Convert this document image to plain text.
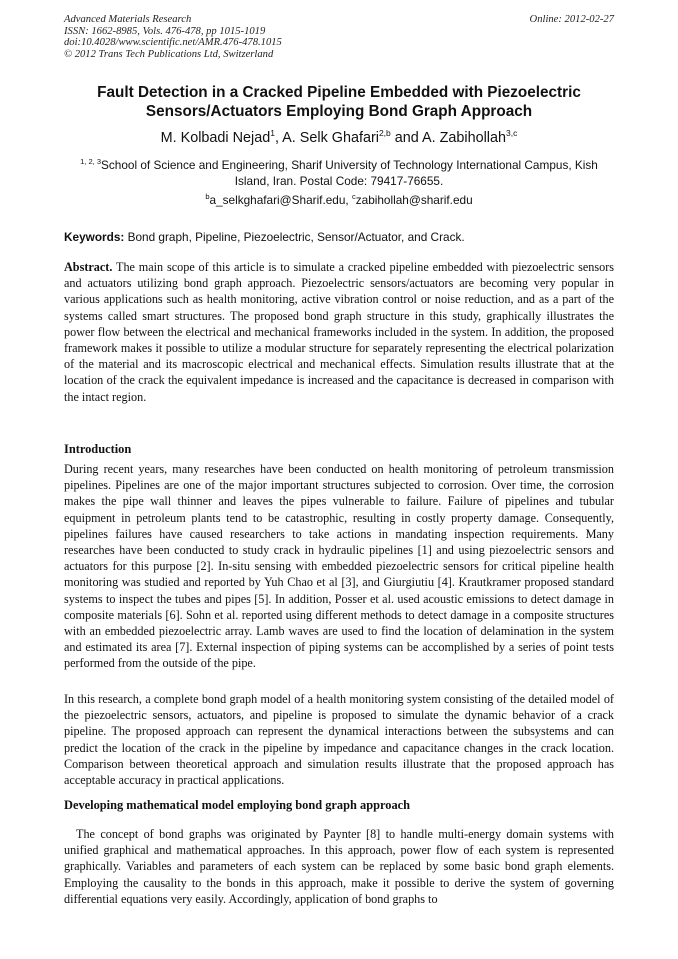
Advanced Materials Research
ISSN: 1662-8985, Vols. 476-478, pp 1015-1019
doi:10.4028/www.scientific.net/AMR.476-478.1015
© 2012 Trans Tech Publications Ltd, Switzerland
Online: 2012-02-27
Fault Detection in a Cracked Pipeline Embedded with Piezoelectric Sensors/Actuators Employing Bond Graph Approach
M. Kolbadi Nejad$^1$, A. Selk Ghafari$^{2,b}$ and A. Zabihollah$^{3,c}$
$^{1, 2, 3}$School of Science and Engineering, Sharif University of Technology International Campus, Kish Island, Iran. Postal Code: 79417-76655.
$^b$a_selkghafari@Sharif.edu, $^c$zabihollah@sharif.edu
Keywords: Bond graph, Pipeline, Piezoelectric, Sensor/Actuator, and Crack.
Abstract. The main scope of this article is to simulate a cracked pipeline embedded with piezoelectric sensors and actuators utilizing bond graph approach. Piezoelectric sensors/actuators are becoming very popular in various applications such as health monitoring, active vibration control or noise reduction, and as a part of the systems called smart structures. The proposed bond graph structure in this study, graphically illustrates the power flow between the electrical and mechanical frameworks included in the system. In addition, the proposed framework makes it possible to utilize a modular structure for separately representing the electrical polarization of the material and its macroscopic electrical and mechanical effects. Simulation results illustrate that at the location of the crack the equivalent impedance is increased and the capacitance is decreased in comparison with the intact region.
Introduction
During recent years, many researches have been conducted on health monitoring of petroleum transmission pipelines. Pipelines are one of the major important structures subjected to corrosion. Over time, the corrosion makes the pipe wall thinner and leaves the pipes vulnerable to failure. Failure of pipelines and tubular equipment in petroleum plants tend to be catastrophic, resulting in costly property damage. Consequently, pipelines failures have caused researchers to take actions in mandating inspection requirements. Many researches have been conducted to study crack in hydraulic pipelines [1] and using piezoelectric sensors and actuators for this purpose [2]. In-situ sensing with embedded piezoelectric sensors for critical pipeline health monitoring was studied and reported by Yuh Chao et al [3], and Giurgiutiu [4]. Krautkramer proposed standard systems to inspect the tubes and pipes [5]. In addition, Posser et al. used acoustic emissions to detect damage in composite materials [6]. Sohn et al. reported using different methods to detect damage in a composite structures with an embedded piezoelectric array. Lamb waves are used to find the location of delamination in the system and estimated its area [7]. External inspection of piping systems can be accomplished by a series of point tests performed from the outside of the pipe.
In this research, a complete bond graph model of a health monitoring system consisting of the detailed model of the piezoelectric sensors, actuators, and pipeline is proposed to simulate the dynamic behavior of a crack pipeline. The proposed approach can represent the dynamical interactions between the subsystems and can predict the location of the crack in the pipeline by impedance and capacitance changes in the crack location. Comparison between theoretical approach and simulation results illustrate that the proposed approach has acceptable accuracy in practical applications.
Developing mathematical model employing bond graph approach
The concept of bond graphs was originated by Paynter [8] to handle multi-energy domain systems with unified graphical and mathematical approaches. In this approach, power flow of each system is represented graphically. Variables and parameters of each system can be replaced by some basic bond graph elements. Employing the causality to the bonds in this approach, make it possible to derive the system of governing differential equations very easily. Accordingly, application of bond graphs to
